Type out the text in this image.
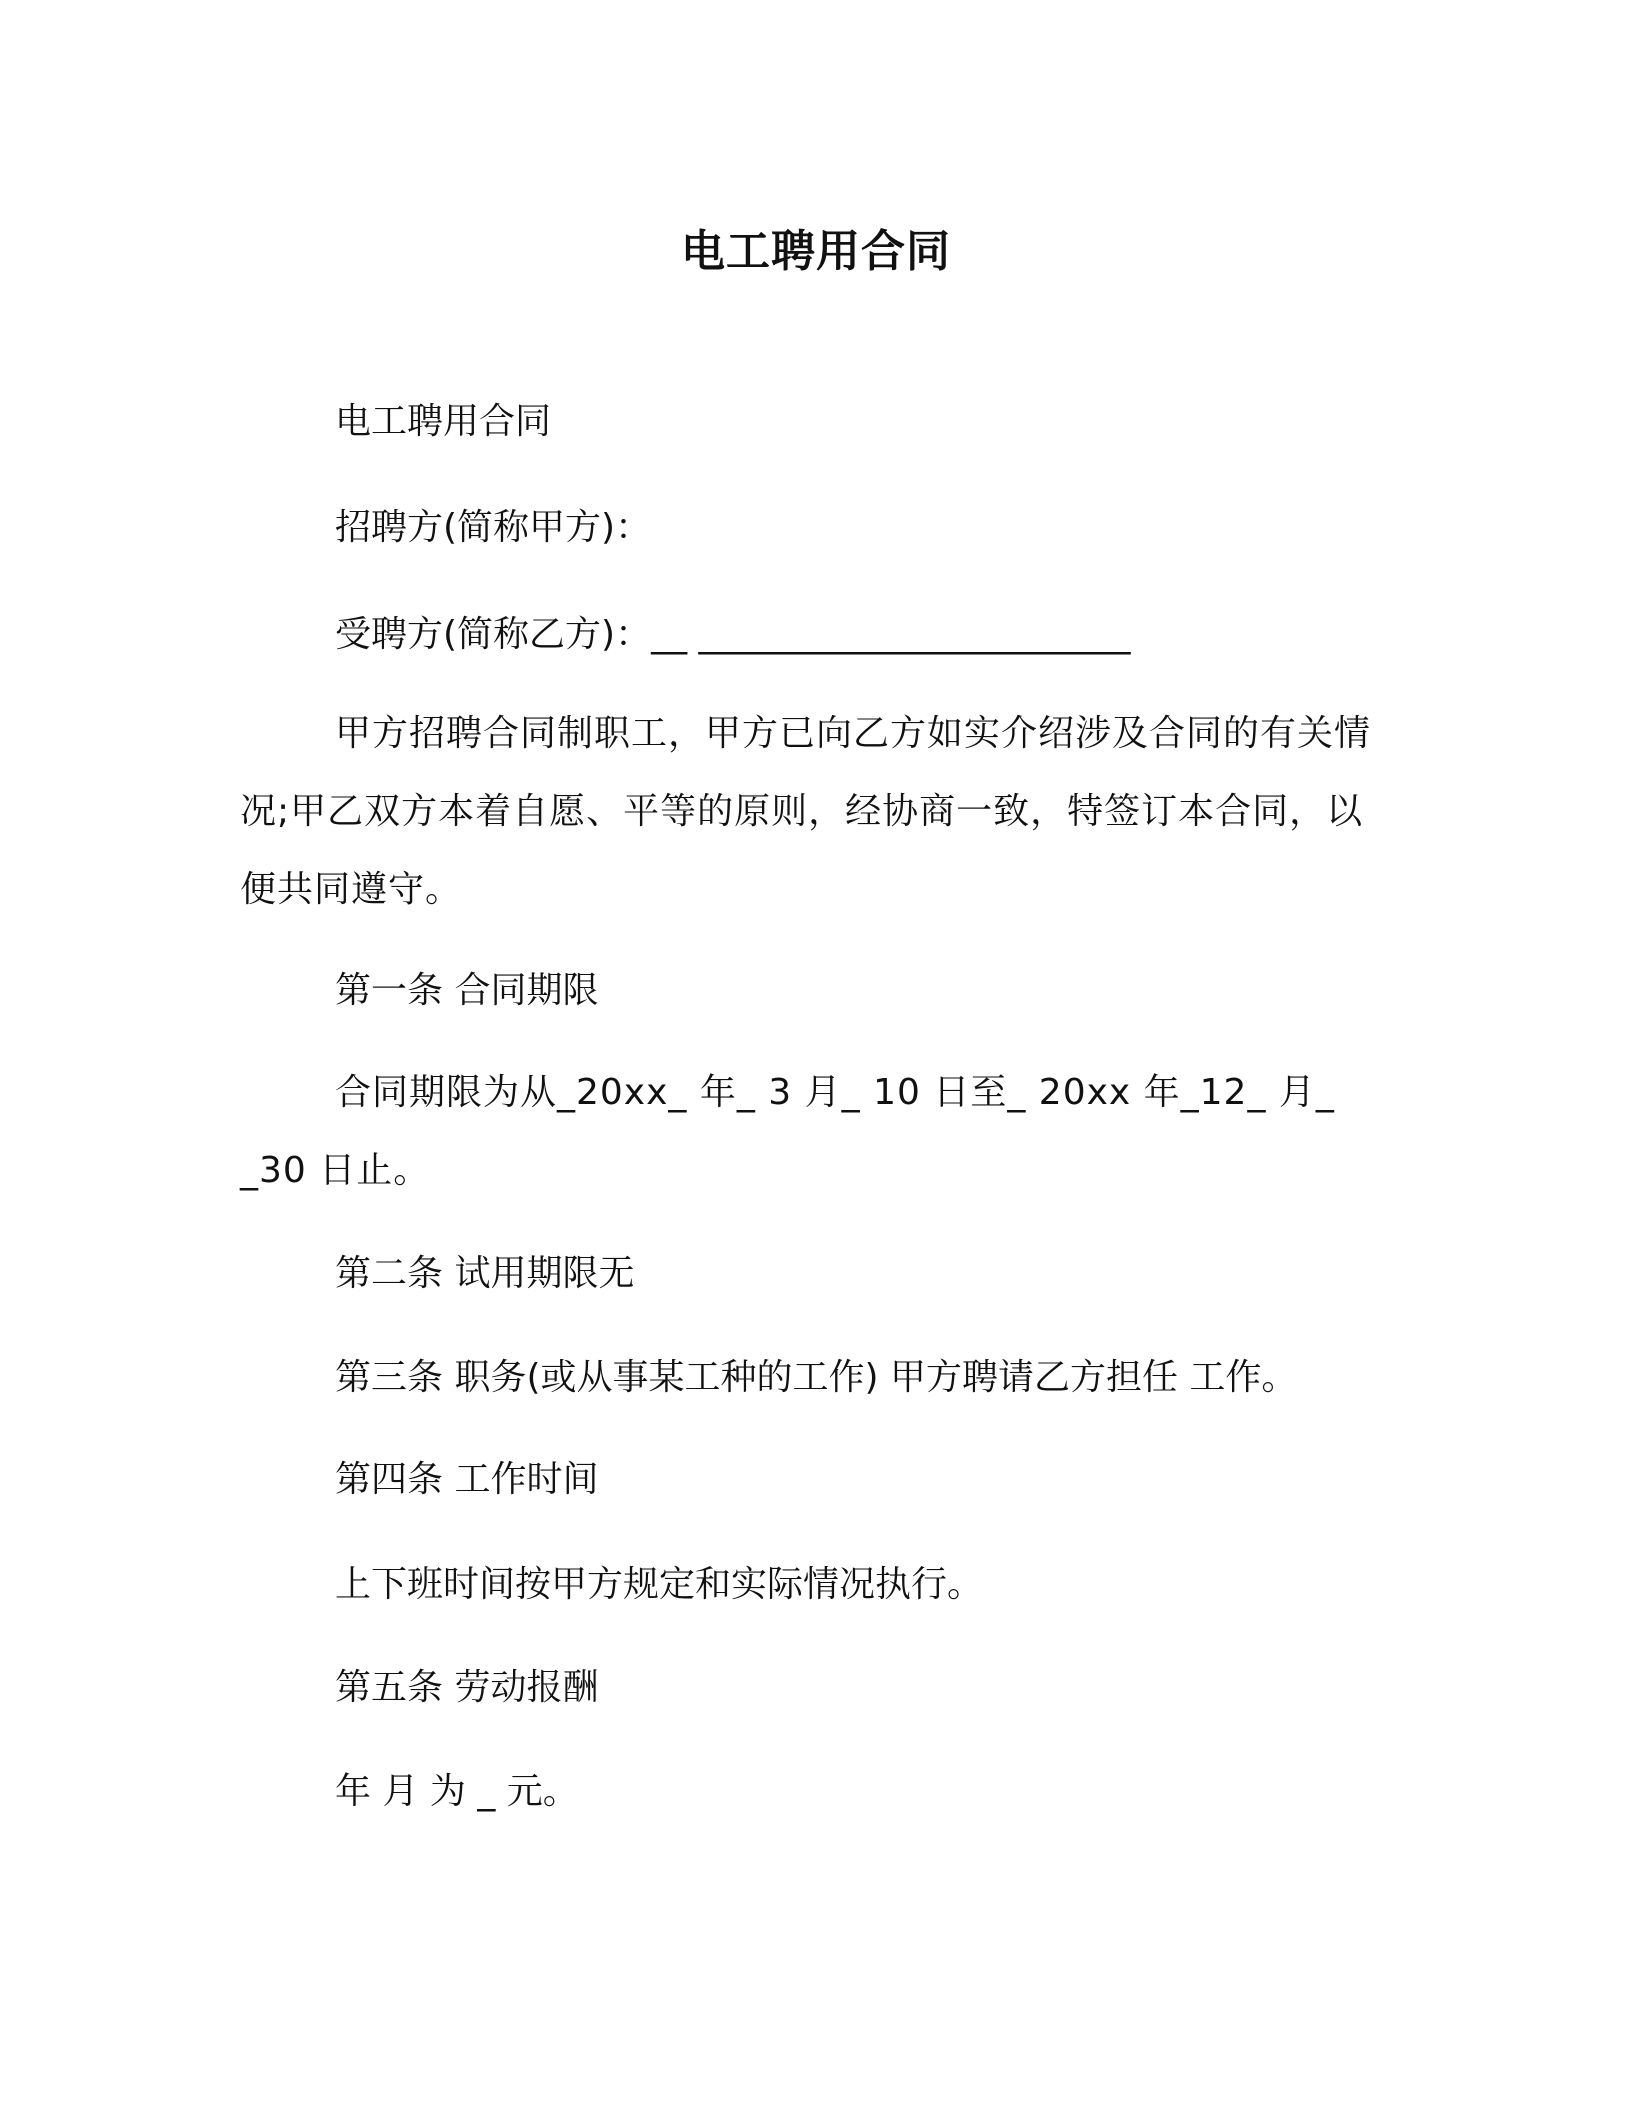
电工聘用合同
电工聘用合同
招聘方(简称甲方)：
受聘方(简称乙方)：__ ________________________
甲方招聘合同制职工，甲方已向乙方如实介绍涉及合同的有关情况;甲乙双方本着自愿、平等的原则，经协商一致，特签订本合同，以便共同遵守。
第一条 合同期限
合同期限为从_20xx_ 年_ 3 月_ 10 日至_ 20xx 年_12_ 月_ _30 日止。
第二条 试用期限无
第三条 职务(或从事某工种的工作) 甲方聘请乙方担任 工作。
第四条 工作时间
上下班时间按甲方规定和实际情况执行。
第五条 劳动报酬
年 月 为 _ 元。
